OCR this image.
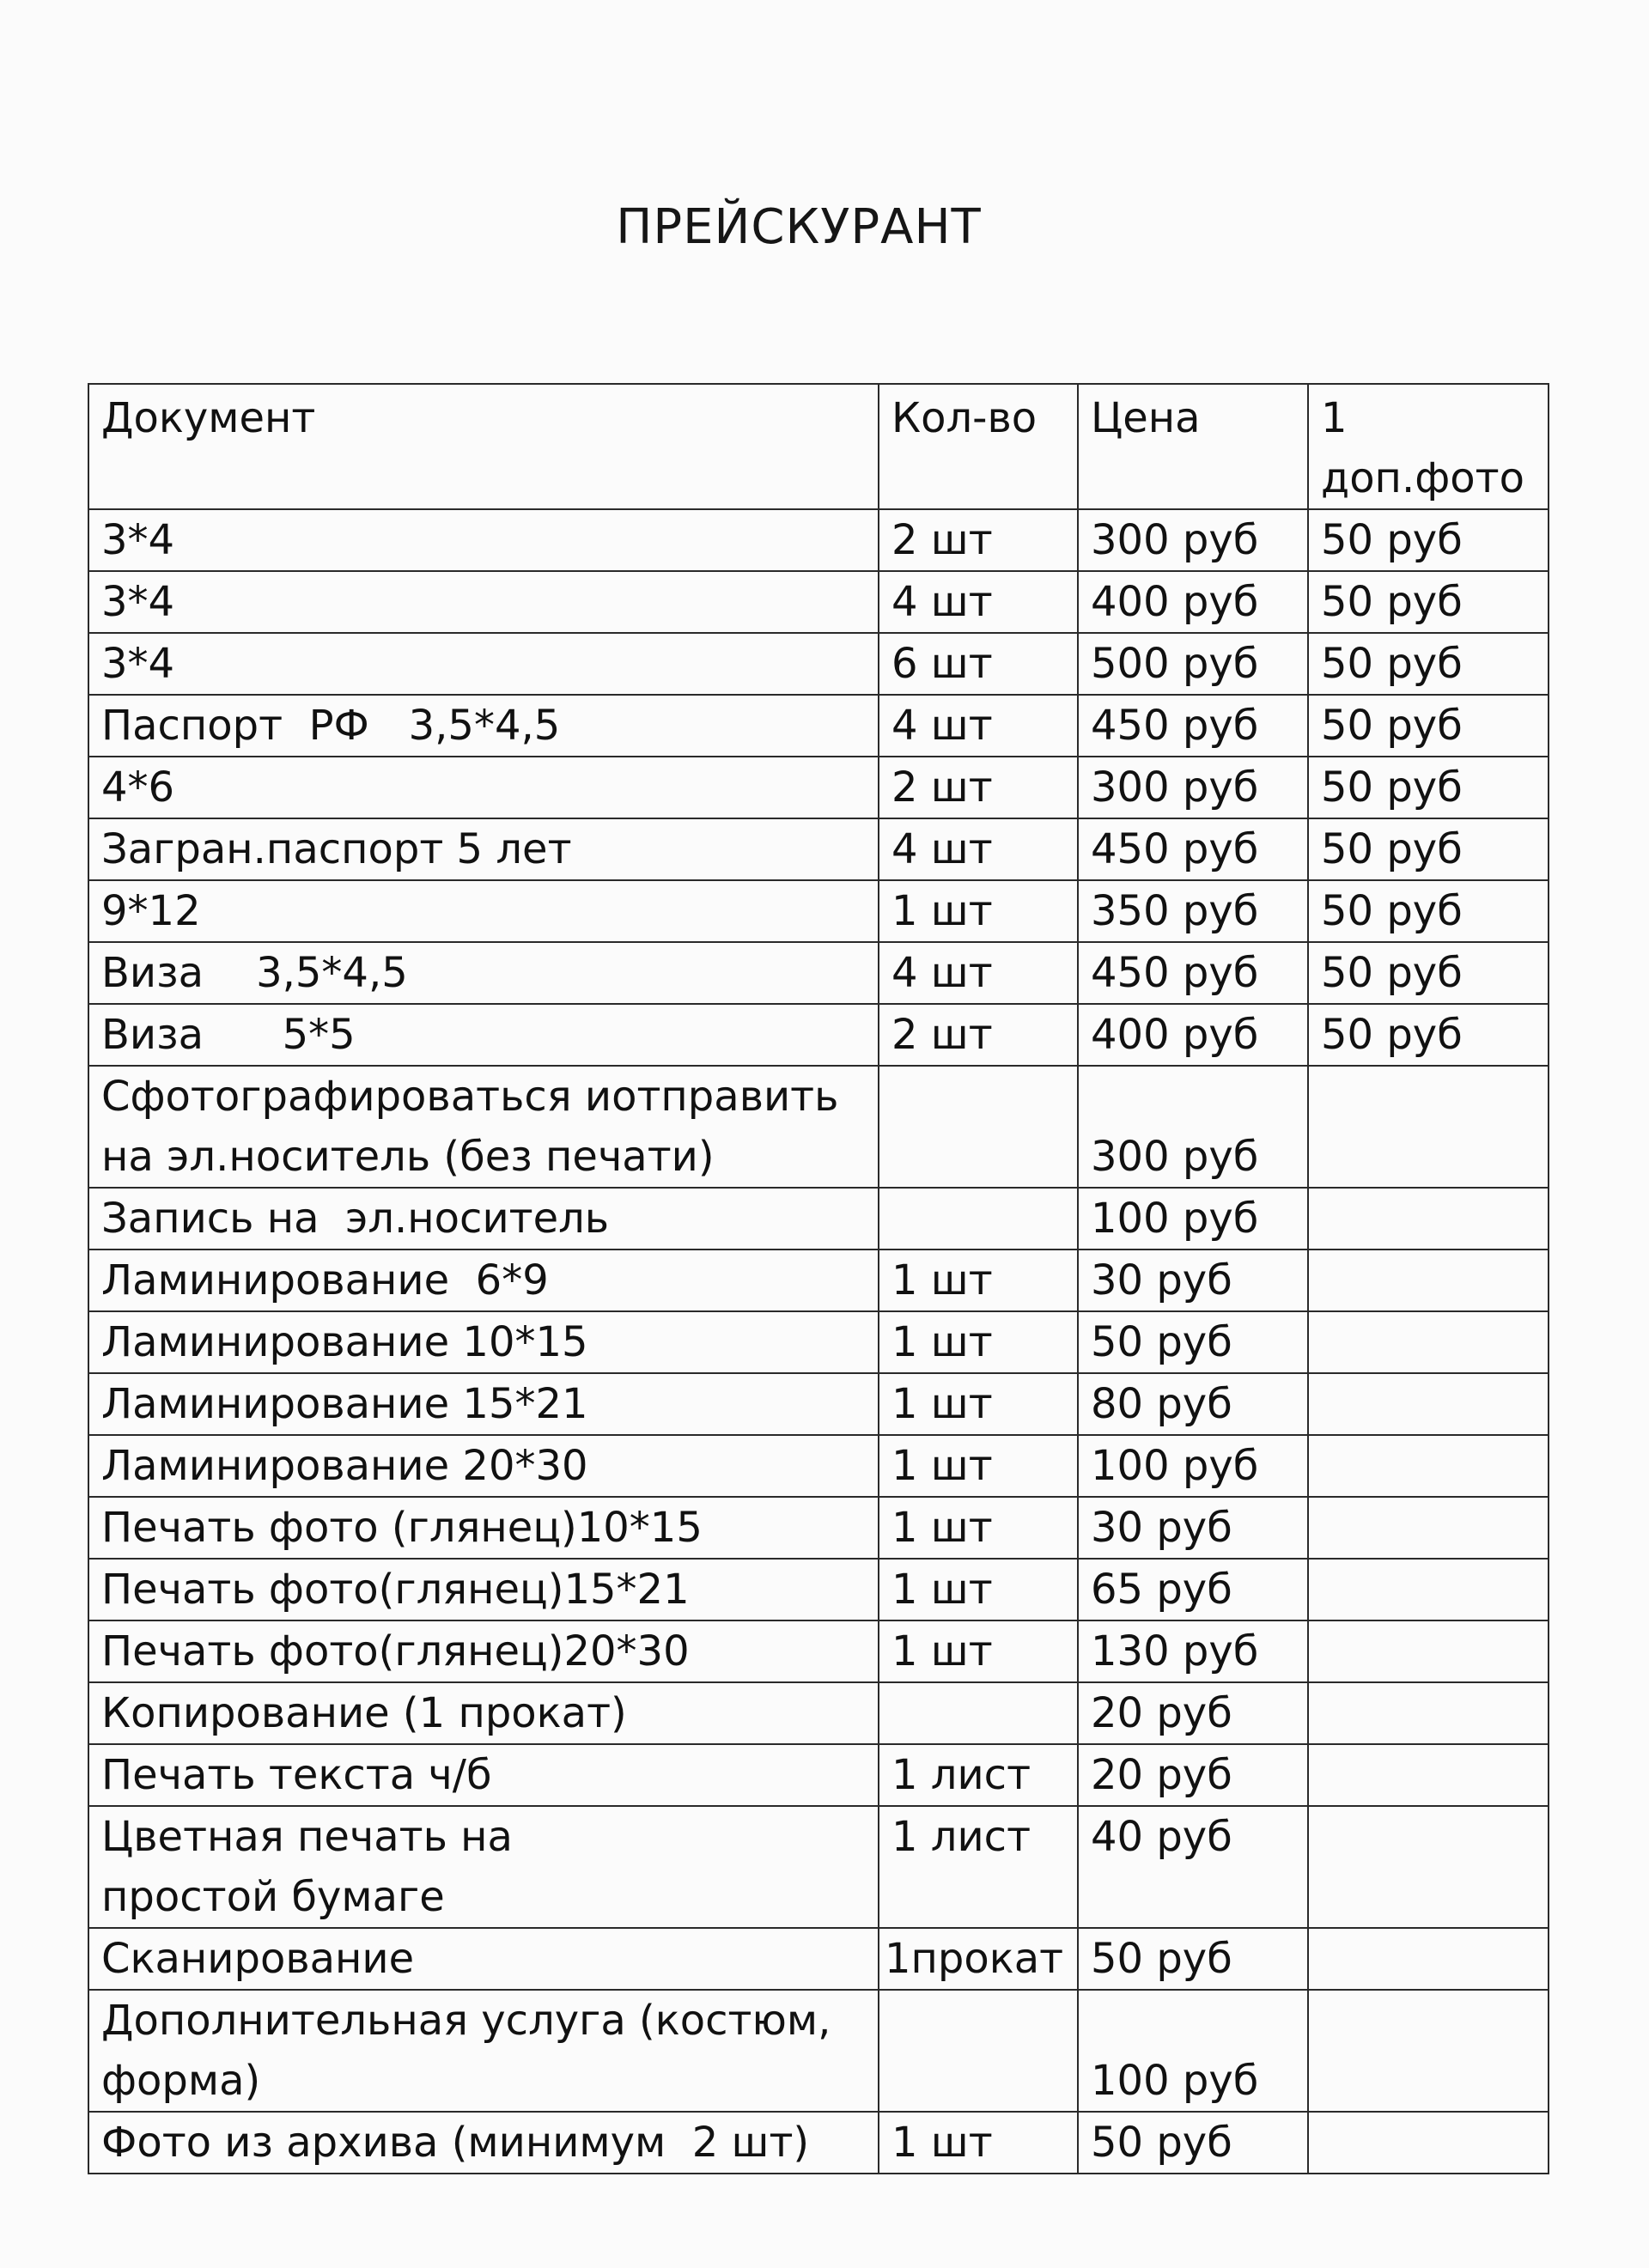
ПРЕЙСКУРАНТ
Документ	Кол-во	Цена	1 доп.фото
3*4	2 шт	300 руб	50 руб
3*4	4 шт	400 руб	50 руб
3*4	6 шт	500 руб	50 руб
Паспорт  РФ   3,5*4,5	4 шт	450 руб	50 руб
4*6	2 шт	300 руб	50 руб
Загран.паспорт 5 лет	4 шт	450 руб	50 руб
9*12	1 шт	350 руб	50 руб
Виза    3,5*4,5	4 шт	450 руб	50 руб
Виза      5*5	2 шт	400 руб	50 руб
Сфотографироваться иотправить на эл.носитель (без печати)		300 руб	
Запись на  эл.носитель		100 руб	
Ламинирование  6*9	1 шт	30 руб	
Ламинирование 10*15	1 шт	50 руб	
Ламинирование 15*21	1 шт	80 руб	
Ламинирование 20*30	1 шт	100 руб	
Печать фото (глянец)10*15	1 шт	30 руб	
Печать фото(глянец)15*21	1 шт	65 руб	
Печать фото(глянец)20*30	1 шт	130 руб	
Копирование (1 прокат)		20 руб	
Печать текста ч/б	1 лист	20 руб	
Цветная печать на простой бумаге	1 лист	40 руб	
Сканирование	1прокат	50 руб	
Дополнительная услуга (костюм, форма)		100 руб	
Фото из архива (минимум  2 шт)	1 шт	50 руб	
